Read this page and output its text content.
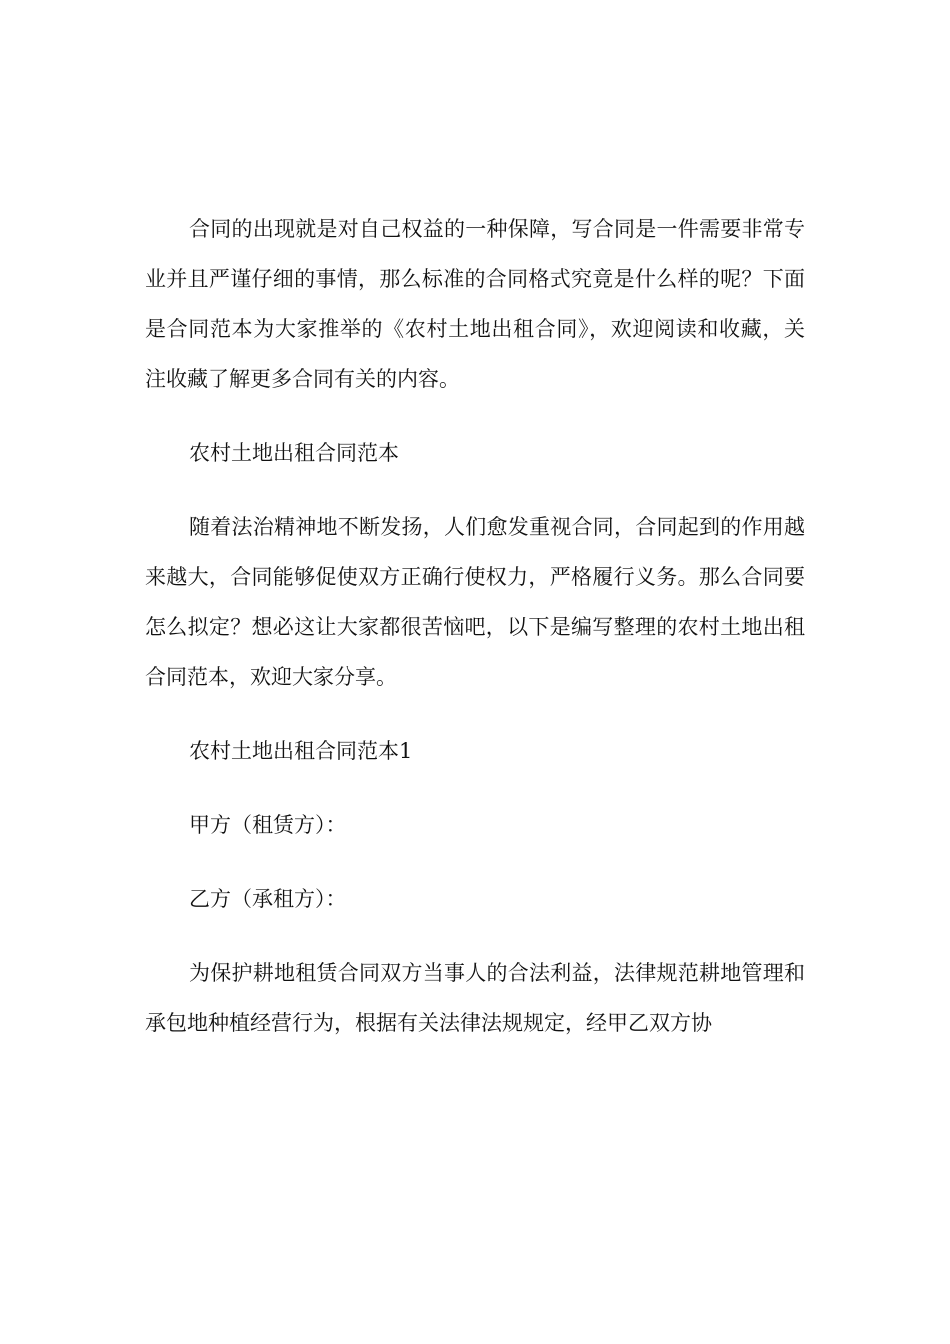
合同的出现就是对自己权益的一种保障，写合同是一件需要非常专业并且严谨仔细的事情，那么标准的合同格式究竟是什么样的呢？下面是合同范本为大家推举的《农村土地出租合同》，欢迎阅读和收藏，关注收藏了解更多合同有关的内容。

农村土地出租合同范本

随着法治精神地不断发扬，人们愈发重视合同，合同起到的作用越来越大，合同能够促使双方正确行使权力，严格履行义务。那么合同要怎么拟定？想必这让大家都很苦恼吧，以下是编写整理的农村土地出租合同范本，欢迎大家分享。

农村土地出租合同范本1

甲方（租赁方）：

乙方（承租方）：

为保护耕地租赁合同双方当事人的合法利益，法律规范耕地管理和承包地种植经营行为，根据有关法律法规规定，经甲乙双方协
